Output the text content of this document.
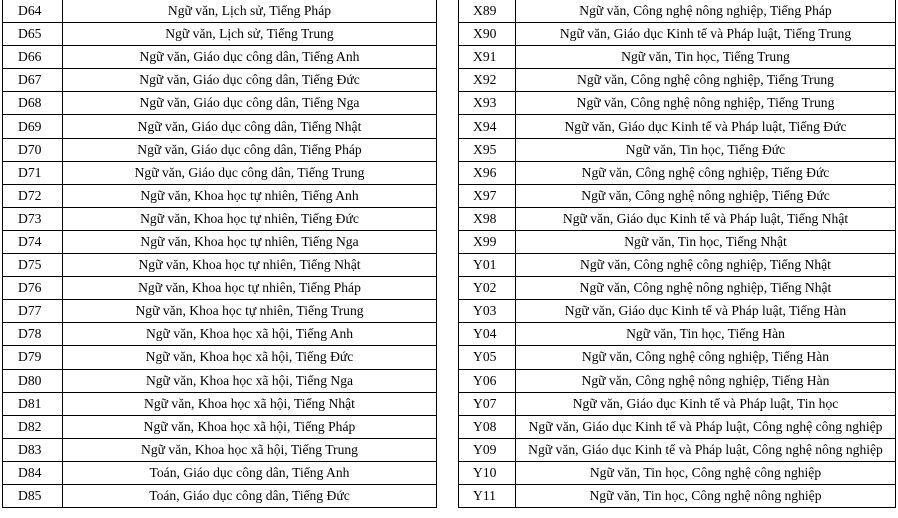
D64	Ngữ văn, Lịch sử, Tiếng Pháp
D65	Ngữ văn, Lịch sử, Tiếng Trung
D66	Ngữ văn, Giáo dục công dân, Tiếng Anh
D67	Ngữ văn, Giáo dục công dân, Tiếng Đức
D68	Ngữ văn, Giáo dục công dân, Tiếng Nga
D69	Ngữ văn, Giáo dục công dân, Tiếng Nhật
D70	Ngữ văn, Giáo dục công dân, Tiếng Pháp
D71	Ngữ văn, Giáo dục công dân, Tiếng Trung
D72	Ngữ văn, Khoa học tự nhiên, Tiếng Anh
D73	Ngữ văn, Khoa học tự nhiên, Tiếng Đức
D74	Ngữ văn, Khoa học tự nhiên, Tiếng Nga
D75	Ngữ văn, Khoa học tự nhiên, Tiếng Nhật
D76	Ngữ văn, Khoa học tự nhiên, Tiếng Pháp
D77	Ngữ văn, Khoa học tự nhiên, Tiếng Trung
D78	Ngữ văn, Khoa học xã hội, Tiếng Anh
D79	Ngữ văn, Khoa học xã hội, Tiếng Đức
D80	Ngữ văn, Khoa học xã hội, Tiếng Nga
D81	Ngữ văn, Khoa học xã hội, Tiếng Nhật
D82	Ngữ văn, Khoa học xã hội, Tiếng Pháp
D83	Ngữ văn, Khoa học xã hội, Tiếng Trung
D84	Toán, Giáo dục công dân, Tiếng Anh
D85	Toán, Giáo dục công dân, Tiếng Đức
X89	Ngữ văn, Công nghệ nông nghiệp, Tiếng Pháp
X90	Ngữ văn, Giáo dục Kinh tế và Pháp luật, Tiếng Trung
X91	Ngữ văn, Tin học, Tiếng Trung
X92	Ngữ văn, Công nghệ công nghiệp, Tiếng Trung
X93	Ngữ văn, Công nghệ nông nghiệp, Tiếng Trung
X94	Ngữ văn, Giáo dục Kinh tế và Pháp luật, Tiếng Đức
X95	Ngữ văn, Tin học, Tiếng Đức
X96	Ngữ văn, Công nghệ công nghiệp, Tiếng Đức
X97	Ngữ văn, Công nghệ nông nghiệp, Tiếng Đức
X98	Ngữ văn, Giáo dục Kinh tế và Pháp luật, Tiếng Nhật
X99	Ngữ văn, Tin học, Tiếng Nhật
Y01	Ngữ văn, Công nghệ công nghiệp, Tiếng Nhật
Y02	Ngữ văn, Công nghệ nông nghiệp, Tiếng Nhật
Y03	Ngữ văn, Giáo dục Kinh tế và Pháp luật, Tiếng Hàn
Y04	Ngữ văn, Tin học, Tiếng Hàn
Y05	Ngữ văn, Công nghệ công nghiệp, Tiếng Hàn
Y06	Ngữ văn, Công nghệ nông nghiệp, Tiếng Hàn
Y07	Ngữ văn, Giáo dục Kinh tế và Pháp luật, Tin học
Y08	Ngữ văn, Giáo dục Kinh tế và Pháp luật, Công nghệ công nghiệp
Y09	Ngữ văn, Giáo dục Kinh tế và Pháp luật, Công nghệ nông nghiệp
Y10	Ngữ văn, Tin học, Công nghệ công nghiệp
Y11	Ngữ văn, Tin học, Công nghệ nông nghiệp
